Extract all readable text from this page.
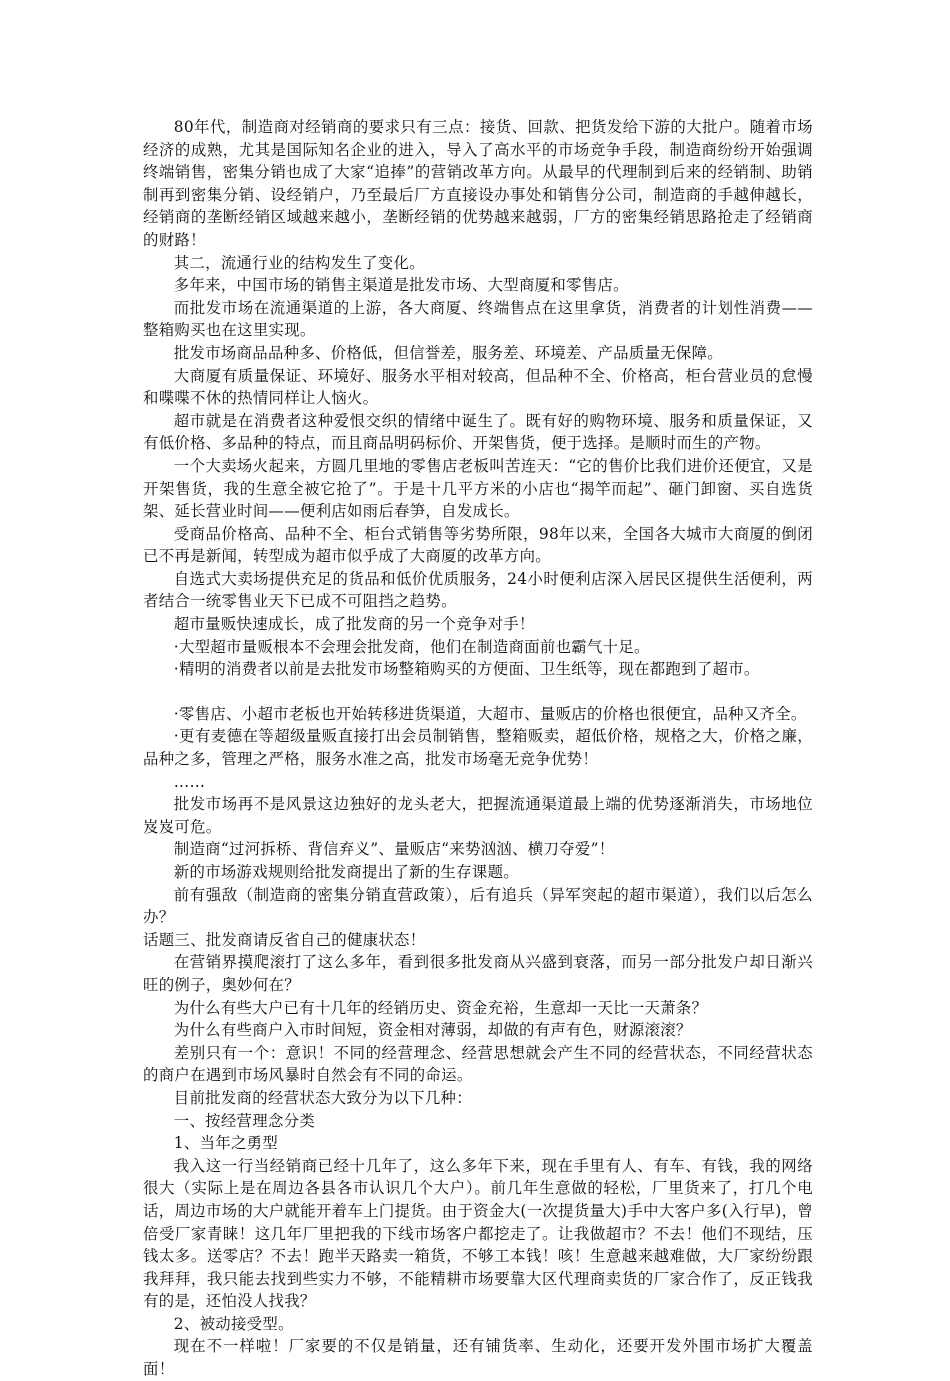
80年代，制造商对经销商的要求只有三点：接货、回款、把货发给下游的大批户。随着市场经济的成熟，尤其是国际知名企业的进入，导入了高水平的市场竞争手段，制造商纷纷开始强调终端销售，密集分销也成了大家“追捧”的营销改革方向。从最早的代理制到后来的经销制、助销制再到密集分销、设经销户，乃至最后厂方直接设办事处和销售分公司，制造商的手越伸越长，经销商的垄断经销区域越来越小，垄断经销的优势越来越弱，厂方的密集经销思路抢走了经销商的财路！

其二，流通行业的结构发生了变化。

多年来，中国市场的销售主渠道是批发市场、大型商厦和零售店。

而批发市场在流通渠道的上游，各大商厦、终端售点在这里拿货，消费者的计划性消费——整箱购买也在这里实现。

批发市场商品品种多、价格低，但信誉差，服务差、环境差、产品质量无保障。

大商厦有质量保证、环境好、服务水平相对较高，但品种不全、价格高，柜台营业员的怠慢和喋喋不休的热情同样让人恼火。

超市就是在消费者这种爱恨交织的情绪中诞生了。既有好的购物环境、服务和质量保证，又有低价格、多品种的特点，而且商品明码标价、开架售货，便于选择。是顺时而生的产物。

一个大卖场火起来，方圆几里地的零售店老板叫苦连天：“它的售价比我们进价还便宜，又是开架售货，我的生意全被它抢了”。于是十几平方米的小店也“揭竿而起”、砸门卸窗、买自选货架、延长营业时间——便利店如雨后春笋，自发成长。

受商品价格高、品种不全、柜台式销售等劣势所限，98年以来，全国各大城市大商厦的倒闭已不再是新闻，转型成为超市似乎成了大商厦的改革方向。

自选式大卖场提供充足的货品和低价优质服务，24小时便利店深入居民区提供生活便利，两者结合一统零售业天下已成不可阻挡之趋势。

超市量贩快速成长，成了批发商的另一个竞争对手！

·大型超市量贩根本不会理会批发商，他们在制造商面前也霸气十足。

·精明的消费者以前是去批发市场整箱购买的方便面、卫生纸等，现在都跑到了超市。

·零售店、小超市老板也开始转移进货渠道，大超市、量贩店的价格也很便宜，品种又齐全。

·更有麦德在等超级量贩直接打出会员制销售，整箱贩卖，超低价格，规格之大，价格之廉，品种之多，管理之严格，服务水准之高，批发市场毫无竞争优势！

……

批发市场再不是风景这边独好的龙头老大，把握流通渠道最上端的优势逐渐消失，市场地位岌岌可危。

制造商“过河拆桥、背信弃义”、量贩店“来势汹汹、横刀夺爱”！

新的市场游戏规则给批发商提出了新的生存课题。

前有强敌（制造商的密集分销直营政策），后有追兵（异军突起的超市渠道），我们以后怎么办？

话题三、批发商请反省自己的健康状态！

在营销界摸爬滚打了这么多年，看到很多批发商从兴盛到衰落，而另一部分批发户却日渐兴旺的例子，奥妙何在？

为什么有些大户已有十几年的经销历史、资金充裕，生意却一天比一天萧条？

为什么有些商户入市时间短，资金相对薄弱，却做的有声有色，财源滚滚？

差别只有一个：意识！不同的经营理念、经营思想就会产生不同的经营状态，不同经营状态的商户在遇到市场风暴时自然会有不同的命运。

目前批发商的经营状态大致分为以下几种：

一、按经营理念分类

1、当年之勇型

我入这一行当经销商已经十几年了，这么多年下来，现在手里有人、有车、有钱，我的网络很大（实际上是在周边各县各市认识几个大户）。前几年生意做的轻松，厂里货来了，打几个电话，周边市场的大户就能开着车上门提货。由于资金大(一次提货量大)手中大客户多(入行早)，曾倍受厂家青睐！这几年厂里把我的下线市场客户都挖走了。让我做超市？不去！他们不现结，压钱太多。送零店？不去！跑半天路卖一箱货，不够工本钱！咳！生意越来越难做，大厂家纷纷跟我拜拜，我只能去找到些实力不够，不能精耕市场要靠大区代理商卖货的厂家合作了，反正钱我有的是，还怕没人找我？

2、被动接受型。

现在不一样啦！厂家要的不仅是销量，还有铺货率、生动化，还要开发外围市场扩大覆盖面！
